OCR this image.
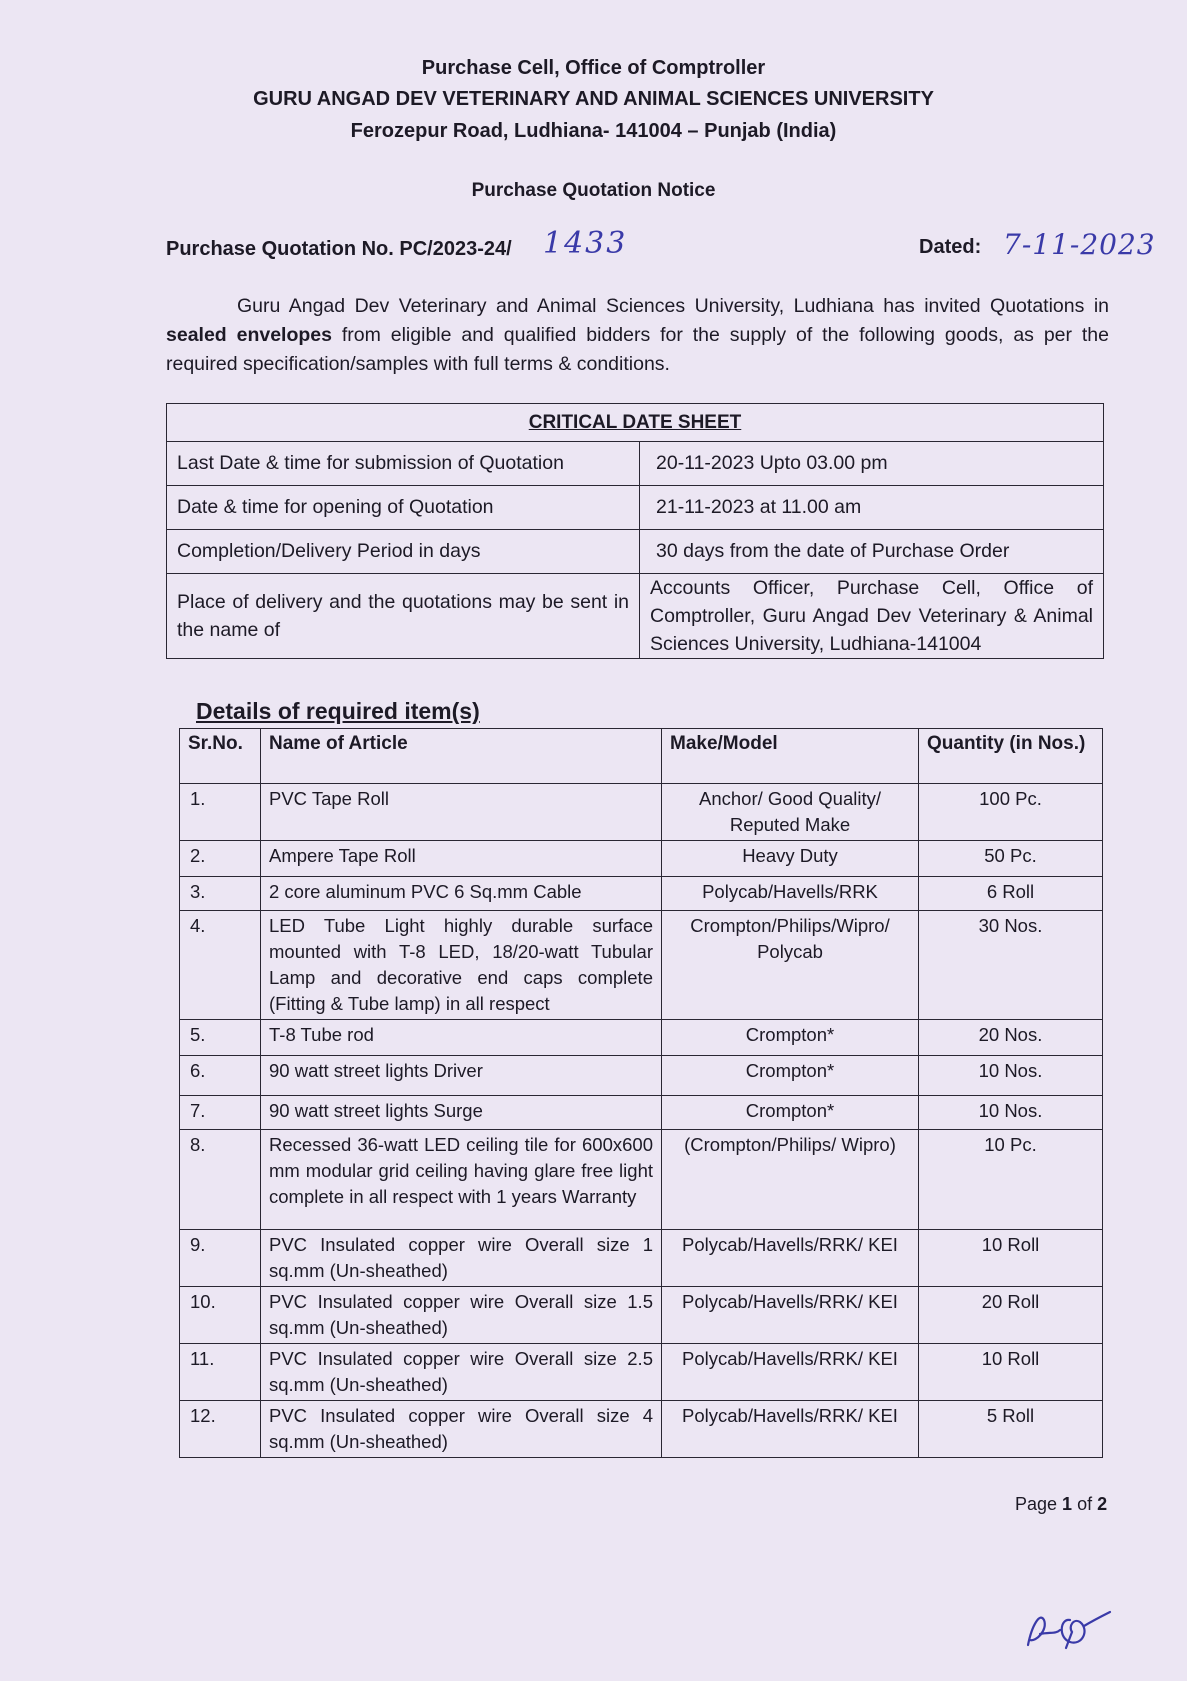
Purchase Cell, Office of Comptroller
GURU ANGAD DEV VETERINARY AND ANIMAL SCIENCES UNIVERSITY
Ferozepur Road, Ludhiana- 141004 – Punjab (India)
Purchase Quotation Notice
Purchase Quotation No. PC/2023-24/ 1433	Dated: 7-11-2023
Guru Angad Dev Veterinary and Animal Sciences University, Ludhiana has invited Quotations in sealed envelopes from eligible and qualified bidders for the supply of the following goods, as per the required specification/samples with full terms & conditions.
CRITICAL DATE SHEET	
Last Date & time for submission of Quotation	20-11-2023 Upto 03.00 pm
Date & time for opening of Quotation	21-11-2023 at 11.00 am
Completion/Delivery Period in days	30 days from the date of Purchase Order
Place of delivery and the quotations may be sent in the name of	Accounts Officer, Purchase Cell, Office of Comptroller, Guru Angad Dev Veterinary & Animal Sciences University, Ludhiana-141004
Details of required item(s)
Sr.No.	Name of Article	Make/Model	Quantity (in Nos.)
1.	PVC Tape Roll	Anchor/ Good Quality/ Reputed Make	100 Pc.
2.	Ampere Tape Roll	Heavy Duty	50 Pc.
3.	2 core aluminum PVC 6 Sq.mm Cable	Polycab/Havells/RRK	6 Roll
4.	LED Tube Light highly durable surface mounted with T-8 LED, 18/20-watt Tubular Lamp and decorative end caps complete (Fitting & Tube lamp) in all respect	Crompton/Philips/Wipro/ Polycab	30 Nos.
5.	T-8 Tube rod	Crompton*	20 Nos.
6.	90 watt street lights Driver	Crompton*	10 Nos.
7.	90 watt street lights Surge	Crompton*	10 Nos.
8.	Recessed 36-watt LED ceiling tile for 600x600 mm modular grid ceiling having glare free light complete in all respect with 1 years Warranty	(Crompton/Philips/ Wipro)	10 Pc.
9.	PVC Insulated copper wire Overall size 1 sq.mm (Un-sheathed)	Polycab/Havells/RRK/ KEI	10 Roll
10.	PVC Insulated copper wire Overall size 1.5 sq.mm (Un-sheathed)	Polycab/Havells/RRK/ KEI	20 Roll
11.	PVC Insulated copper wire Overall size 2.5 sq.mm (Un-sheathed)	Polycab/Havells/RRK/ KEI	10 Roll
12.	PVC Insulated copper wire Overall size 4 sq.mm (Un-sheathed)	Polycab/Havells/RRK/ KEI	5 Roll
Page 1 of 2
